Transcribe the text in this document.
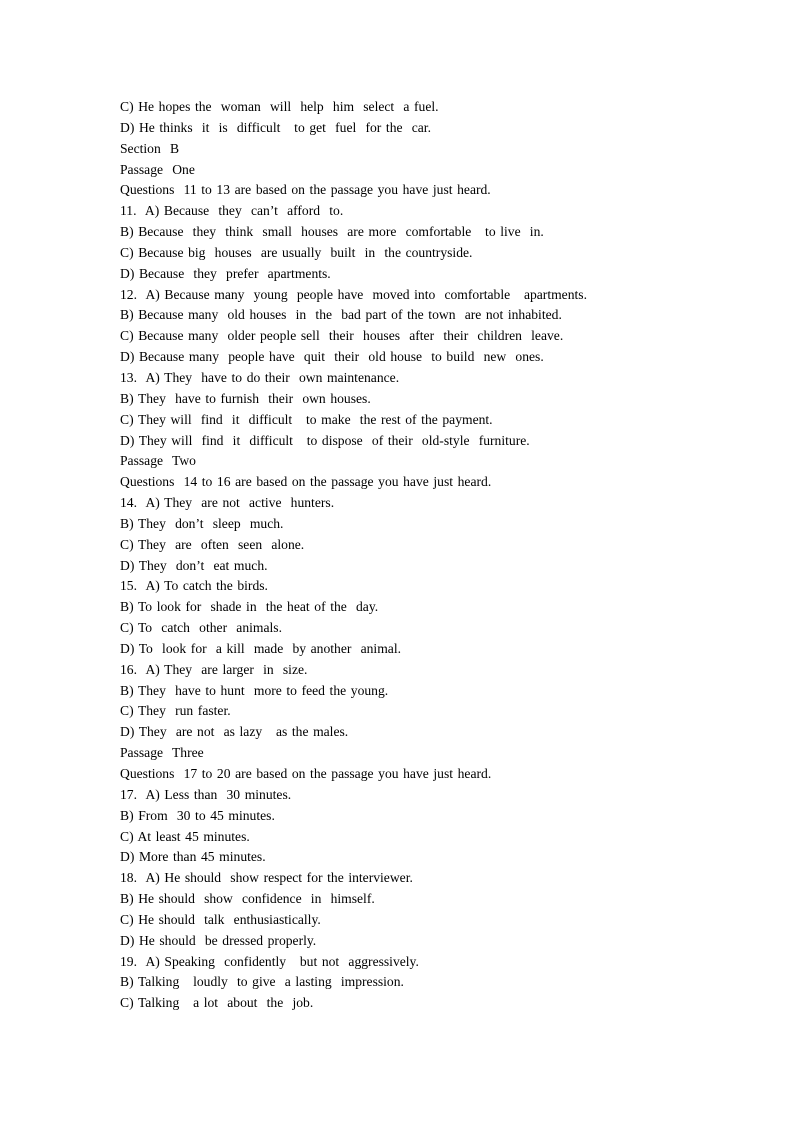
C) He hopes the  woman  will  help  him  select  a fuel.
D) He thinks  it  is  difficult   to get  fuel  for the  car.
Section  B
Passage  One
Questions  11 to 13 are based on the passage you have just heard.
11.  A) Because  they  can’t  afford  to.
B) Because  they  think  small  houses  are more  comfortable   to live  in.
C) Because big  houses  are usually  built  in  the countryside.
D) Because  they  prefer  apartments.
12.  A) Because many  young  people have  moved into  comfortable   apartments.
B) Because many  old houses  in  the  bad part of the town  are not inhabited.
C) Because many  older people sell  their  houses  after  their  children  leave.
D) Because many  people have  quit  their  old house  to build  new  ones.
13.  A) They  have to do their  own maintenance.
B) They  have to furnish  their  own houses.
C) They will  find  it  difficult   to make  the rest of the payment.
D) They will  find  it  difficult   to dispose  of their  old-style  furniture.
Passage  Two
Questions  14 to 16 are based on the passage you have just heard.
14.  A) They  are not  active  hunters.
B) They  don’t  sleep  much.
C) They  are  often  seen  alone.
D) They  don’t  eat much.
15.  A) To catch the birds.
B) To look for  shade in  the heat of the  day.
C) To  catch  other  animals.
D) To  look for  a kill  made  by another  animal.
16.  A) They  are larger  in  size.
B) They  have to hunt  more to feed the young.
C) They  run faster.
D) They  are not  as lazy   as the males.
Passage  Three
Questions  17 to 20 are based on the passage you have just heard.
17.  A) Less than  30 minutes.
B) From  30 to 45 minutes.
C) At least 45 minutes.
D) More than 45 minutes.
18.  A) He should  show respect for the interviewer.
B) He should  show  confidence  in  himself.
C) He should  talk  enthusiastically.
D) He should  be dressed properly.
19.  A) Speaking  confidently   but not  aggressively.
B) Talking   loudly  to give  a lasting  impression.
C) Talking   a lot  about  the  job.
